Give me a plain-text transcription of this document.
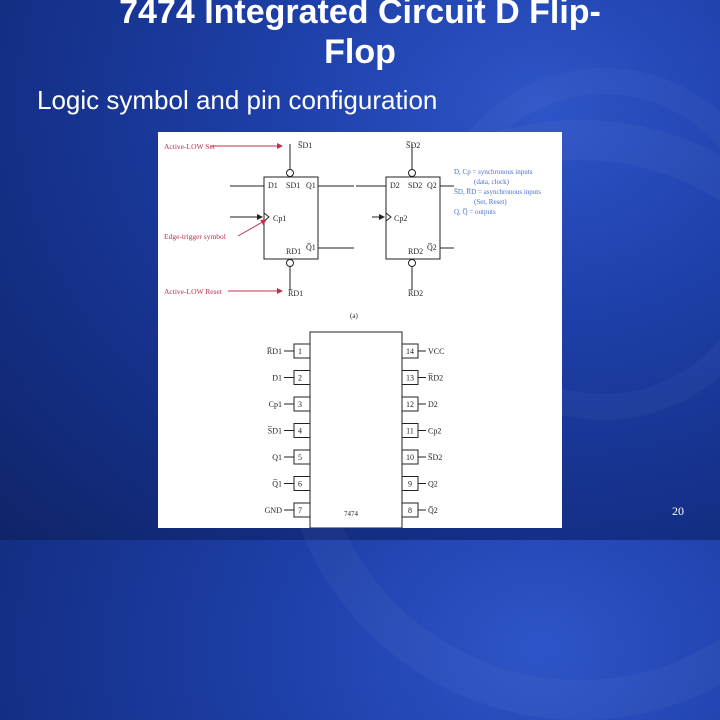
7474 Integrated Circuit D Flip-
Flop
Logic symbol and pin configuration
S̅D1
D1 SD1 Q1
Cp1
RD1 Q̅1
R̅D1
S̅D2
D2 SD2 Q2
Cp2
RD2 Q̅2
R̅D2
Active-LOW Set
Edge-trigger symbol
Active-LOW Reset
D, Cp = synchronous inputs
(data, clock)
S̅D, R̅D = asynchronous inputs
(Set, Reset)
Q, Q̅ = outputs
(a)
7474
1
R̅D1
2
D1
3
Cp1
4
S̅D1
5
Q1
6
Q̅1
7
GND
14 VCC
13 R̅D2
12 D2
11 Cp2
10 S̅D2
9 Q2
8 Q̅2	20
